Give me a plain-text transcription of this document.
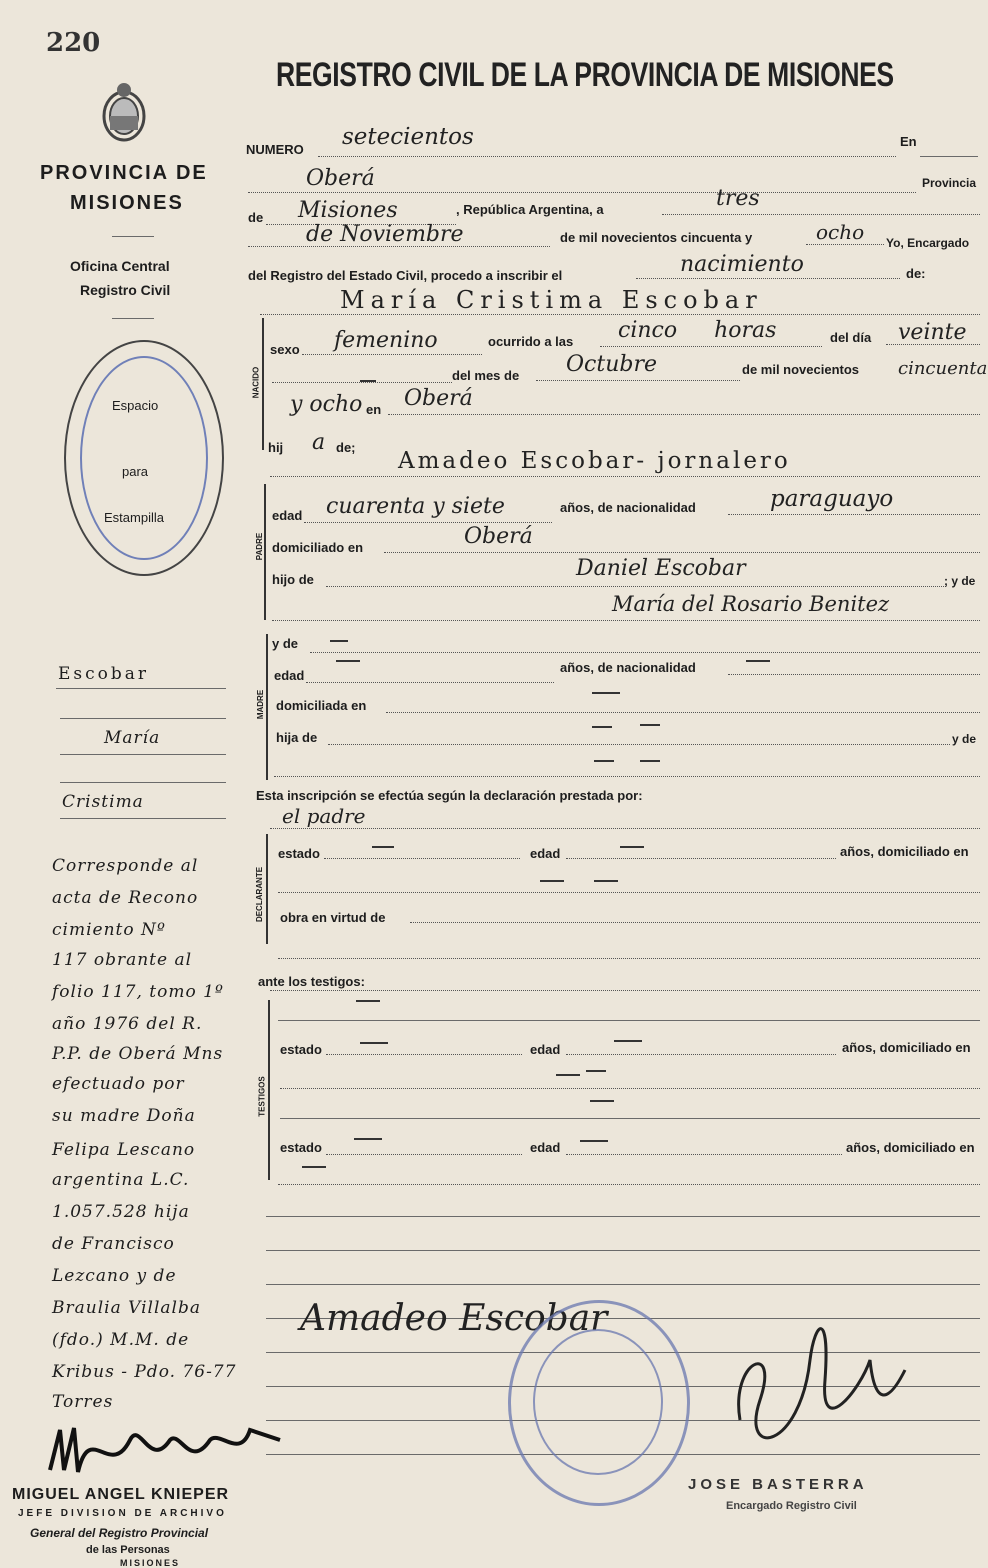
220
REGISTRO CIVIL DE LA PROVINCIA DE MISIONES
PROVINCIA DE
MISIONES
Oficina Central
Registro Civil
Espacio
para
Estampilla
NUMERO setecientos	En
Oberá	Provincia
de Misiones	, República Argentina, a	tres
de Noviembre	de mil novecientos cincuenta y	ocho Yo, Encargado
del Registro del Estado Civil, procedo a inscribir el	nacimiento	de:
María Cristima Escobar
NACIDO
sexo femenino	ocurrido a las cinco horas	del día veinte
del mes de Octubre	de mil novecientos cincuenta
y ocho en Oberá
hij a de;
Amadeo Escobar- jornalero
PADRE
edad cuarenta y siete	años, de nacionalidad	paraguayo
domiciliado en	Oberá
hijo de	Daniel Escobar	; y de
María del Rosario Benitez
MADRE
y de
edad
años, de nacionalidad
domiciliada en
hija de	y de
Esta inscripción se efectúa según la declaración prestada por:
el padre
DECLARANTE
estado	edad	años, domiciliado en
obra en virtud de
ante los testigos:
TESTIGOS
estado	edad	años, domiciliado en
estado	edad	años, domiciliado en
Amadeo Escobar
Escobar
María
Cristima
Corresponde al
acta de Recono
cimiento Nº
117 obrante al
folio 117, tomo 1º
año 1976 del R.
P.P. de Oberá Mns
efectuado por
su madre Doña
Felipa Lescano
argentina L.C.
1.057.528 hija
de Francisco
Lezcano y de
Braulia Villalba
(fdo.) M.M. de
Kribus - Pdo. 76-77
Torres
MIGUEL ANGEL KNIEPER
JEFE DIVISION DE ARCHIVO
General del Registro Provincial
de las Personas
MISIONES
JOSE BASTERRA
Encargado Registro Civil
